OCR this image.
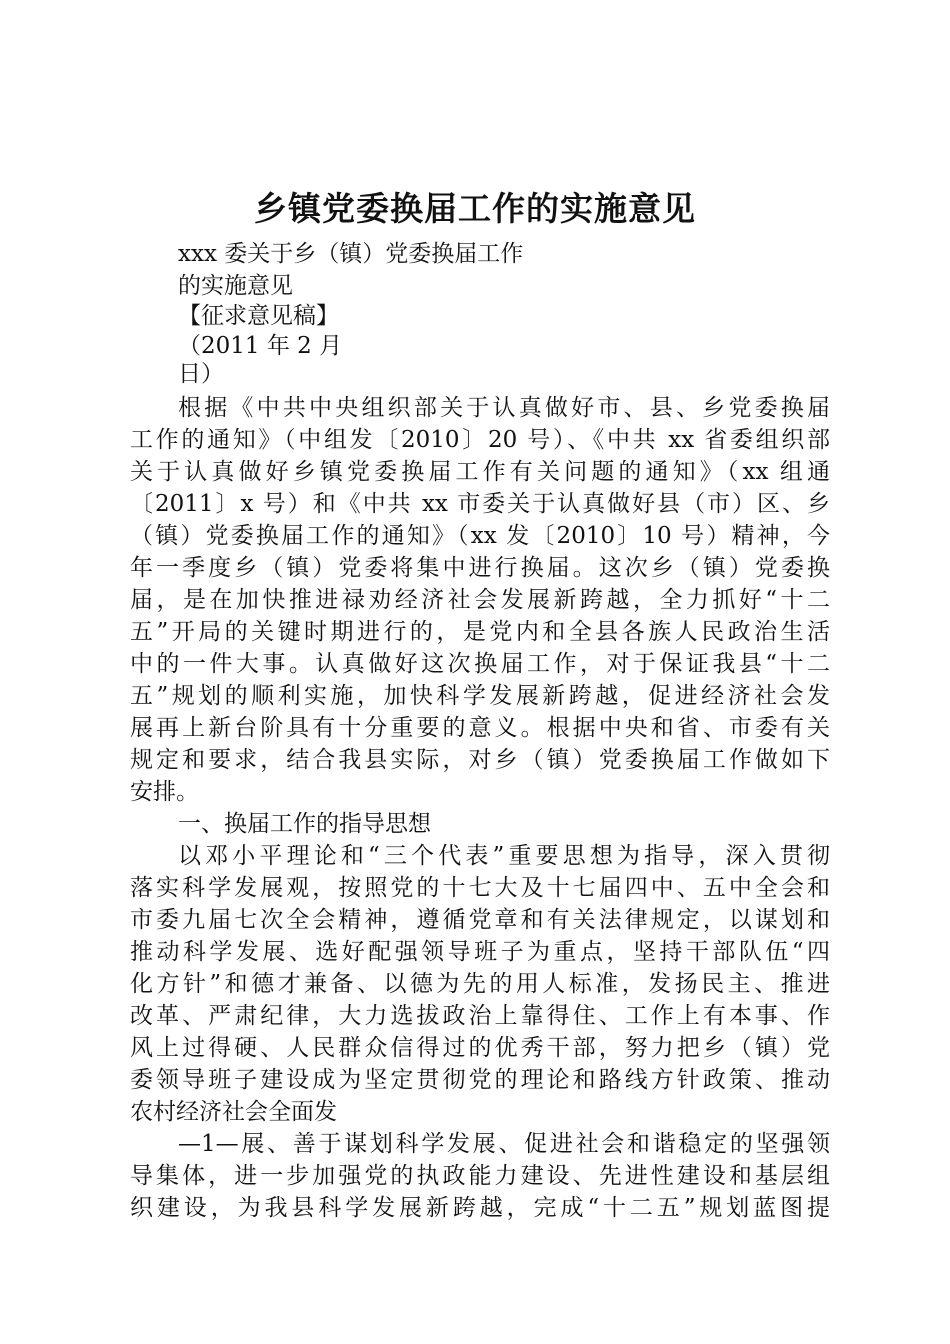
乡镇党委换届工作的实施意见

xxx 委关于乡（镇）党委换届工作

的实施意见

【征求意见稿】

（2011 年 2 月

日）

根据《中共中央组织部关于认真做好市、县、乡党委换届

工作的通知》（中组发〔2010〕20 号）、《中共 xx 省委组织部

关于认真做好乡镇党委换届工作有关问题的通知》（xx 组通

〔2011〕x 号）和《中共 xx 市委关于认真做好县（市）区、乡

（镇）党委换届工作的通知》（xx 发〔2010〕10 号）精神，今

年一季度乡（镇）党委将集中进行换届。这次乡（镇）党委换

届，是在加快推进禄劝经济社会发展新跨越，全力抓好“十二

五”开局的关键时期进行的，是党内和全县各族人民政治生活

中的一件大事。认真做好这次换届工作，对于保证我县“十二

五”规划的顺利实施，加快科学发展新跨越，促进经济社会发

展再上新台阶具有十分重要的意义。根据中央和省、市委有关

规定和要求，结合我县实际，对乡（镇）党委换届工作做如下

安排。

一、换届工作的指导思想

以邓小平理论和“三个代表”重要思想为指导，深入贯彻

落实科学发展观，按照党的十七大及十七届四中、五中全会和

市委九届七次全会精神，遵循党章和有关法律规定，以谋划和

推动科学发展、选好配强领导班子为重点，坚持干部队伍“四

化方针”和德才兼备、以德为先的用人标准，发扬民主、推进

改革、严肃纪律，大力选拔政治上靠得住、工作上有本事、作

风上过得硬、人民群众信得过的优秀干部，努力把乡（镇）党

委领导班子建设成为坚定贯彻党的理论和路线方针政策、推动

农村经济社会全面发

—1—展、善于谋划科学发展、促进社会和谐稳定的坚强领

导集体，进一步加强党的执政能力建设、先进性建设和基层组

织建设，为我县科学发展新跨越，完成“十二五”规划蓝图提
